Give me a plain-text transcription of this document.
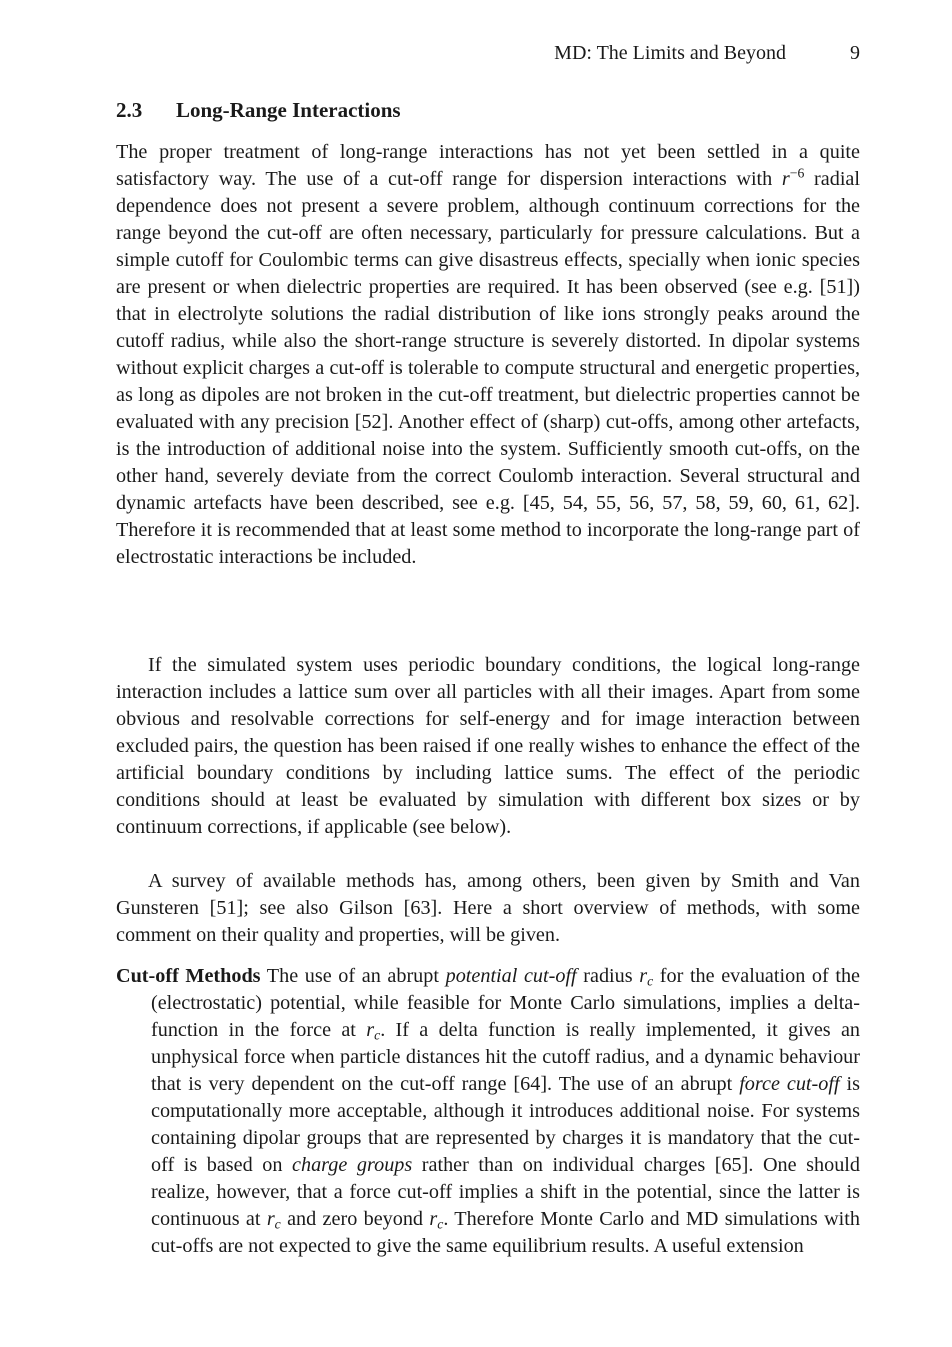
MD: The Limits and Beyond	9
2.3 Long-Range Interactions

The proper treatment of long-range interactions has not yet been settled in a quite satisfactory way. The use of a cut-off range for dispersion interactions with $r^{-6}$ radial dependence does not present a severe problem, although continuum corrections for the range beyond the cut-off are often necessary, particularly for pressure calculations. But a simple cutoff for Coulombic terms can give disastreus effects, specially when ionic species are present or when dielectric properties are required. It has been observed (see e.g. [51]) that in electrolyte solutions the radial distribution of like ions strongly peaks around the cutoff radius, while also the short-range structure is severely distorted. In dipolar systems without explicit charges a cut-off is tolerable to compute structural and energetic properties, as long as dipoles are not broken in the cut-off treatment, but dielectric properties cannot be evaluated with any precision [52]. Another effect of (sharp) cut-offs, among other artefacts, is the introduction of additional noise into the system. Sufficiently smooth cut-offs, on the other hand, severely deviate from the correct Coulomb interaction. Several structural and dynamic artefacts have been described, see e.g. [45, 54, 55, 56, 57, 58, 59, 60, 61, 62]. Therefore it is recommended that at least some method to incorporate the long-range part of electrostatic interactions be included.

If the simulated system uses periodic boundary conditions, the logical long-range interaction includes a lattice sum over all particles with all their images. Apart from some obvious and resolvable corrections for self-energy and for image interaction between excluded pairs, the question has been raised if one really wishes to enhance the effect of the artificial boundary conditions by including lattice sums. The effect of the periodic conditions should at least be evaluated by simulation with different box sizes or by continuum corrections, if applicable (see below).

A survey of available methods has, among others, been given by Smith and Van Gunsteren [51]; see also Gilson [63]. Here a short overview of methods, with some comment on their quality and properties, will be given.

Cut-off Methods The use of an abrupt potential cut-off radius $r_c$ for the evaluation of the (electrostatic) potential, while feasible for Monte Carlo simulations, implies a delta-function in the force at $r_c$. If a delta function is really implemented, it gives an unphysical force when particle distances hit the cutoff radius, and a dynamic behaviour that is very dependent on the cut-off range [64]. The use of an abrupt force cut-off is computationally more acceptable, although it introduces additional noise. For systems containing dipolar groups that are represented by charges it is mandatory that the cut-off is based on charge groups rather than on individual charges [65]. One should realize, however, that a force cut-off implies a shift in the potential, since the latter is continuous at $r_c$ and zero beyond $r_c$. Therefore Monte Carlo and MD simulations with cut-offs are not expected to give the same equilibrium results. A useful extension
